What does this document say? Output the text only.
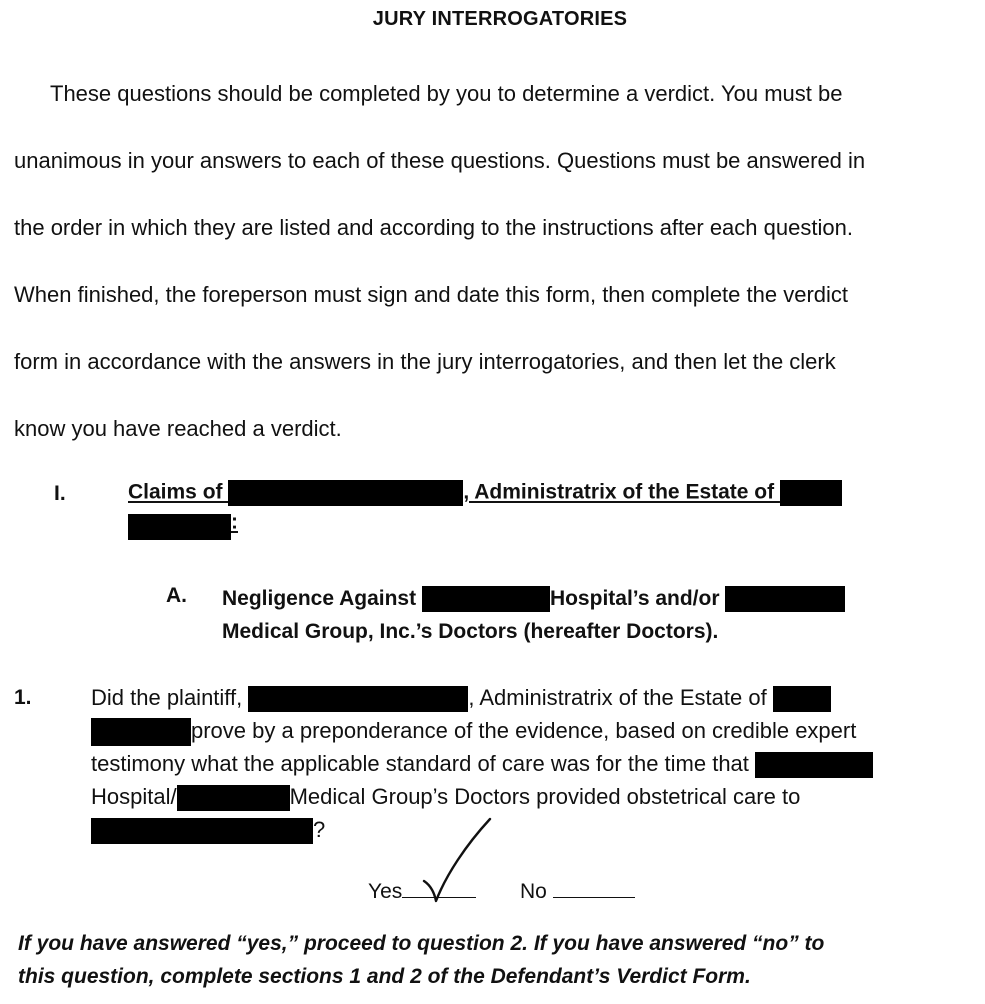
JURY INTERROGATORIES
These questions should be completed by you to determine a verdict. You must be
unanimous in your answers to each of these questions. Questions must be answered in
the order in which they are listed and according to the instructions after each question.
When finished, the foreperson must sign and date this form, then complete the verdict
form in accordance with the answers in the jury interrogatories, and then let the clerk
know you have reached a verdict.
I.	Claims of	, Administratrix of the Estate of
:
A. Negligence Against	Hospital’s and/or
Medical Group, Inc.’s Doctors (hereafter Doctors).
1.	Did the plaintiff,	, Administratrix of the Estate of
prove by a preponderance of the evidence, based on credible expert
testimony what the applicable standard of care was for the time that
Hospital/	Medical Group’s Doctors provided obstetrical care to
?
Yes	No
If you have answered “yes,” proceed to question 2. If you have answered “no” to
this question, complete sections 1 and 2 of the Defendant’s Verdict Form.
